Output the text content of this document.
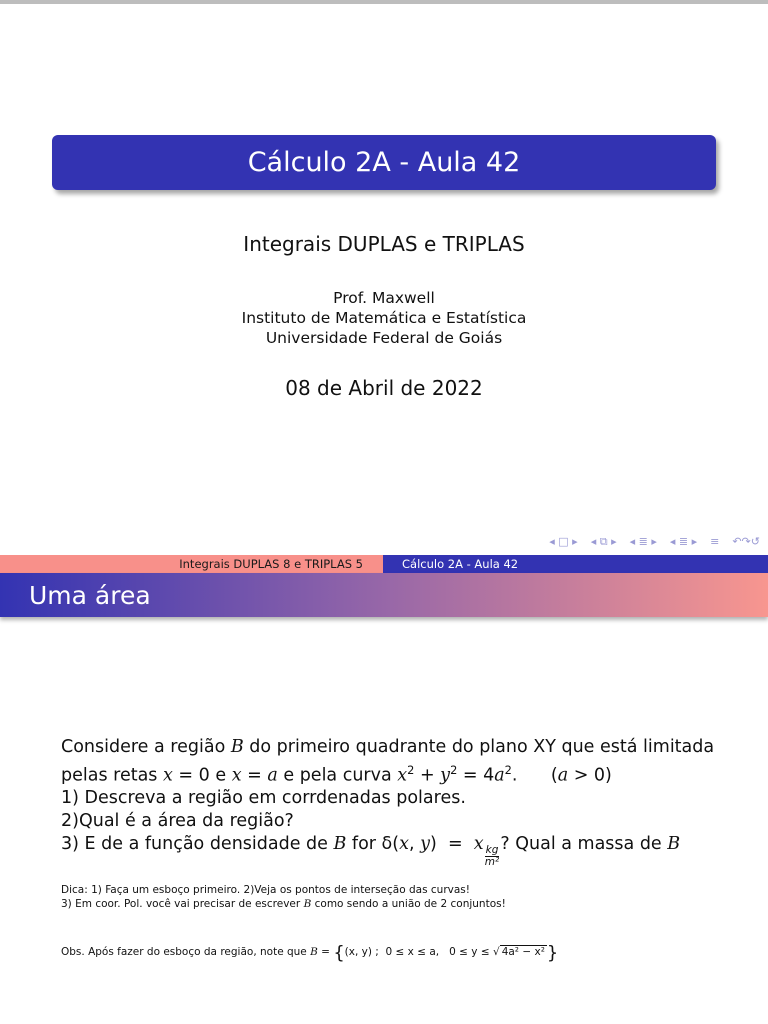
Cálculo 2A - Aula 42
Integrais DUPLAS e TRIPLAS
Prof. Maxwell
Instituto de Matemática e Estatística
Universidade Federal de Goiás
08 de Abril de 2022
◂ □ ▸ ◂ ⧉ ▸ ◂ ≣ ▸ ◂ ≣ ▸ ≡ ↶↷↺
Integrais DUPLAS 8 e TRIPLAS 5	Cálculo 2A - Aula 42
Uma área
Considere a região B do primeiro quadrante do plano XY que está limitada
pelas retas x = 0 e x = a e pela curva $x^2 + y^2 = 4a^2$.      (a > 0)
1) Descreva a região em corrdenadas polares.
2)Qual é a área da região?
3) E de a função densidade de B for δ(x, y)  =  x
$\frac{kg}{\text{m²}}$
? Qual a massa de B
Dica: 1) Faça um esboço primeiro. 2)Veja os pontos de interseção das curvas!
3) Em coor. Pol. você vai precisar de escrever B como sendo a união de 2 conjuntos!
Obs. Após fazer do esboço da região, note que B = {(x, y) ;  0 ≤ x ≤ a,   0 ≤ y ≤ √ 4a² − x² }
